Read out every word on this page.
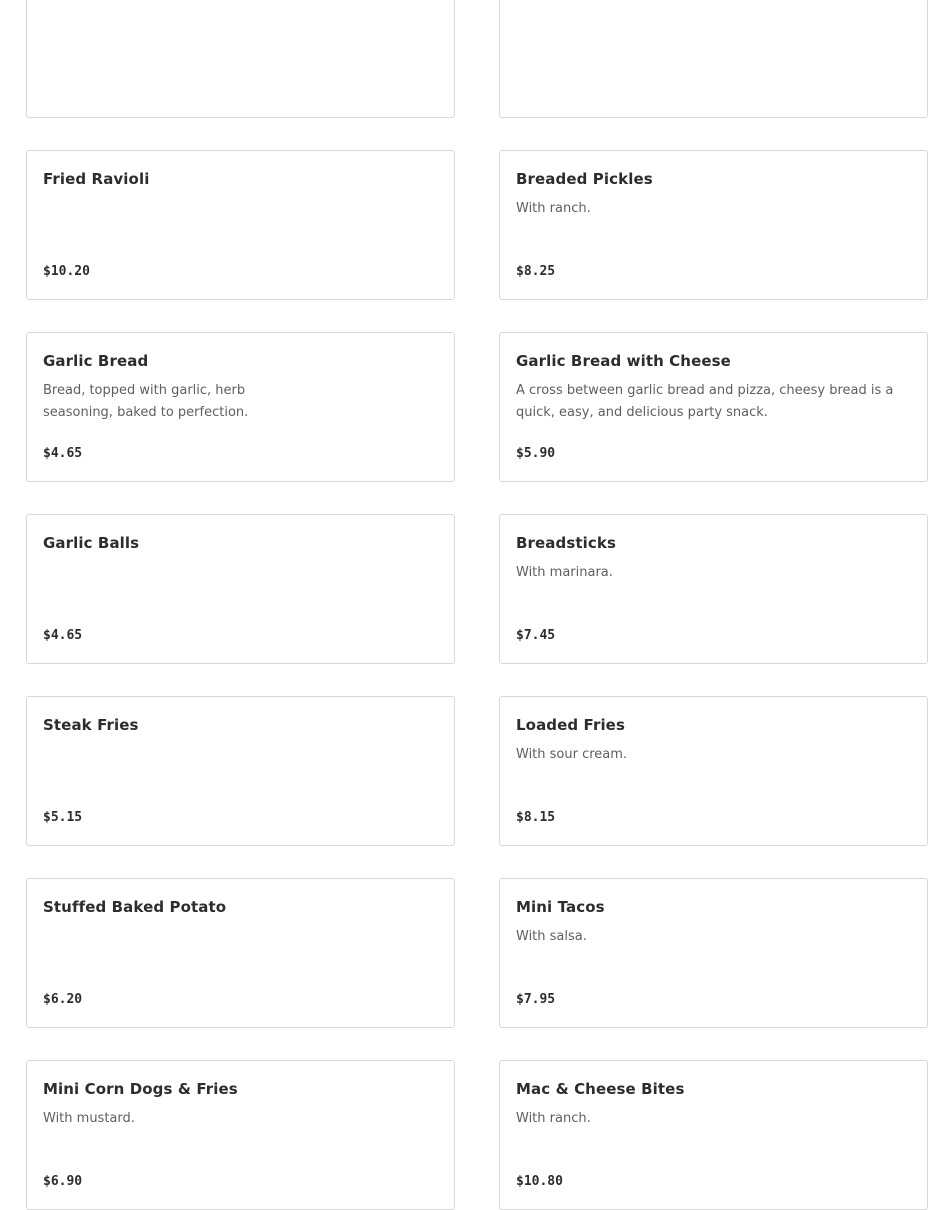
Fried Ravioli
$10.20
Breaded Pickles
With ranch.
$8.25
Garlic Bread
Bread, topped with garlic, herb seasoning, baked to perfection.
$4.65
Garlic Bread with Cheese
A cross between garlic bread and pizza, cheesy bread is a quick, easy, and delicious party snack.
$5.90
Garlic Balls
$4.65
Breadsticks
With marinara.
$7.45
Steak Fries
$5.15
Loaded Fries
With sour cream.
$8.15
Stuffed Baked Potato
$6.20
Mini Tacos
With salsa.
$7.95
Mini Corn Dogs & Fries
With mustard.
$6.90
Mac & Cheese Bites
With ranch.
$10.80
